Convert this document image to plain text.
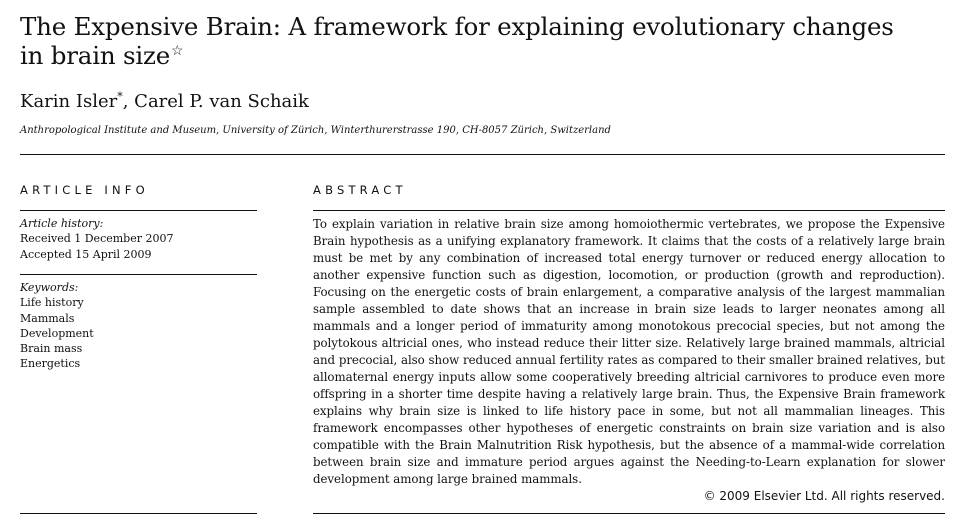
The Expensive Brain: A framework for explaining evolutionary changes in brain size☆

Karin Isler*, Carel P. van Schaik

Anthropological Institute and Museum, University of Zürich, Winterthurerstrasse 190, CH-8057 Zürich, Switzerland

ARTICLE INFO	ABSTRACT
Article history:
Received 1 December 2007
Accepted 15 April 2009
Keywords:
Life history
Mammals
Development
Brain mass
Energetics

To explain variation in relative brain size among homoiothermic vertebrates, we propose the Expensive Brain hypothesis as a unifying explanatory framework. It claims that the costs of a relatively large brain must be met by any combination of increased total energy turnover or reduced energy allocation to another expensive function such as digestion, locomotion, or production (growth and reproduction). Focusing on the energetic costs of brain enlargement, a comparative analysis of the largest mammalian sample assembled to date shows that an increase in brain size leads to larger neonates among all mammals and a longer period of immaturity among monotokous precocial species, but not among the polytokous altricial ones, who instead reduce their litter size. Relatively large brained mammals, altricial and precocial, also show reduced annual fertility rates as compared to their smaller brained relatives, but allomaternal energy inputs allow some cooperatively breeding altricial carnivores to produce even more offspring in a shorter time despite having a relatively large brain. Thus, the Expensive Brain framework explains why brain size is linked to life history pace in some, but not all mammalian lineages. This framework encompasses other hypotheses of energetic constraints on brain size variation and is also compatible with the Brain Malnutrition Risk hypothesis, but the absence of a mammal-wide correlation between brain size and immature period argues against the Needing-to-Learn explanation for slower development among large brained mammals.

© 2009 Elsevier Ltd. All rights reserved.
